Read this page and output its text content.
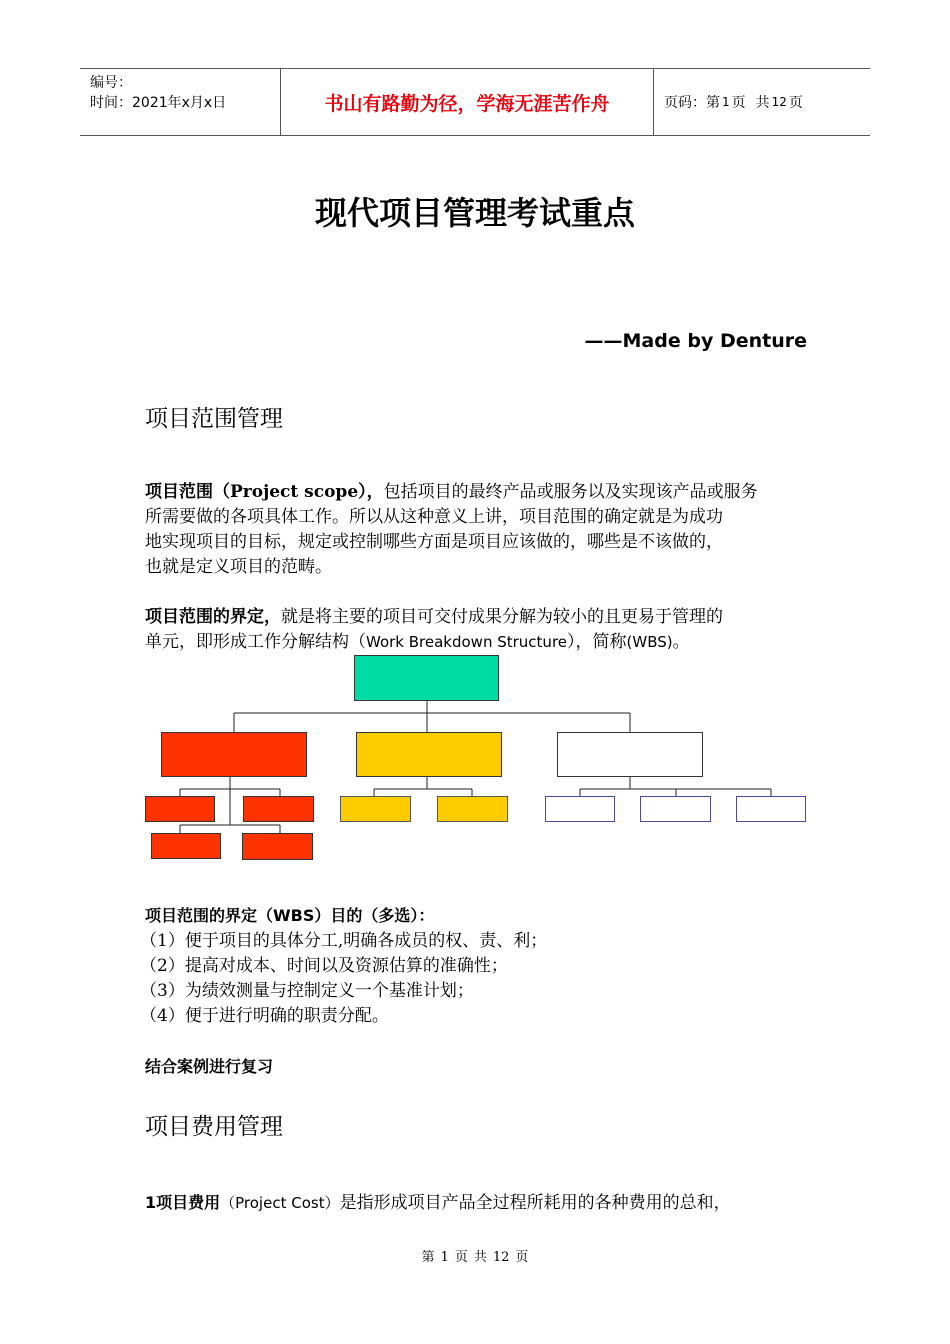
编号：
时间：2021年x月x日	书山有路勤为径，学海无涯苦作舟	页码：第 1 页 共 12 页
现代项目管理考试重点
——Made by Denture
项目范围管理
项目范围（Project scope），包括项目的最终产品或服务以及实现该产品或服务
所需要做的各项具体工作。所以从这种意义上讲，项目范围的确定就是为成功
地实现项目的目标，规定或控制哪些方面是项目应该做的，哪些是不该做的，
也就是定义项目的范畴。
项目范围的界定，就是将主要的项目可交付成果分解为较小的且更易于管理的
单元，即形成工作分解结构（Work Breakdown Structure），简称(WBS)。
项目范围的界定（WBS）目的（多选）：
（1）便于项目的具体分工,明确各成员的权、责、利；
（2）提高对成本、时间以及资源估算的准确性；
（3）为绩效测量与控制定义一个基准计划；
（4）便于进行明确的职责分配。
结合案例进行复习
项目费用管理
1项目费用（Project Cost）是指形成项目产品全过程所耗用的各种费用的总和，
第 1 页 共 12 页
